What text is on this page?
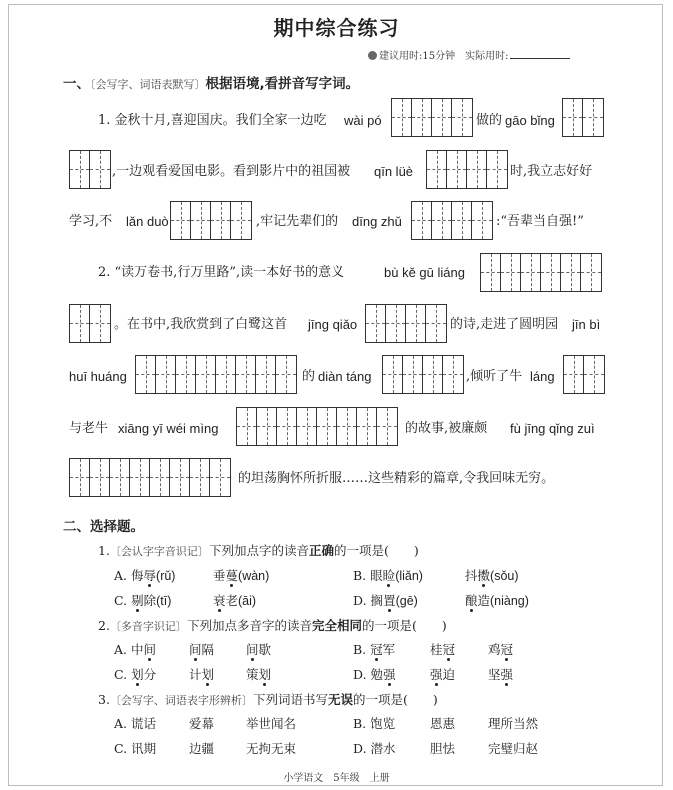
期中综合练习
建议用时:15分钟　 实际用时:
一、〔会写字、词语表默写〕根据语境,看拼音写字词。
1. 金秋十月,喜迎国庆。我们全家一边吃 wài pó	做的 gāo bǐng
,一边观看爱国电影。看到影片中的祖国被 qīn lüè	时,我立志好好
学习,不 lǎn duò	,牢记先辈们的 dīng zhǔ	:“吾辈当自强!”
2. “读万卷书,行万里路”,读一本好书的意义	bù kě gū liáng
。在书中,我欣赏到了白鹭这首 jīng qiǎo	的诗,走进了圆明园 jīn bì
huī huáng	的 diàn táng	,倾听了牛 láng
与老牛 xiāng yī wéi mìng	的故事,被廉颇 fù jīng qǐng zuì
的坦荡胸怀所折服……这些精彩的篇章,令我回味无穷。
二、选择题。
1.〔会认字字音识记〕下列加点字的读音正确的一项是(　　)
A. 侮辱(rǔ)	垂蔓(wàn)	B. 眼睑(liǎn)	抖擞(sǒu)
C. 剔除(tī)	衰老(āi)	D. 搁置(gē)	酿造(niàng)
2.〔多音字识记〕下列加点多音字的读音完全相同的一项是(　　)
A. 中间	间隔	间歇	B. 冠军	桂冠	鸡冠
C. 划分	计划	策划	D. 勉强	强迫	坚强
3.〔会写字、词语表字形辨析〕下列词语书写无误的一项是(　　)
A. 谎话	爱幕	举世闻名	B. 饱览	恩惠	理所当然
C. 讯期	边疆	无拘无束	D. 潜水	胆怯	完璧归赵
小学语文　5年级　上册
